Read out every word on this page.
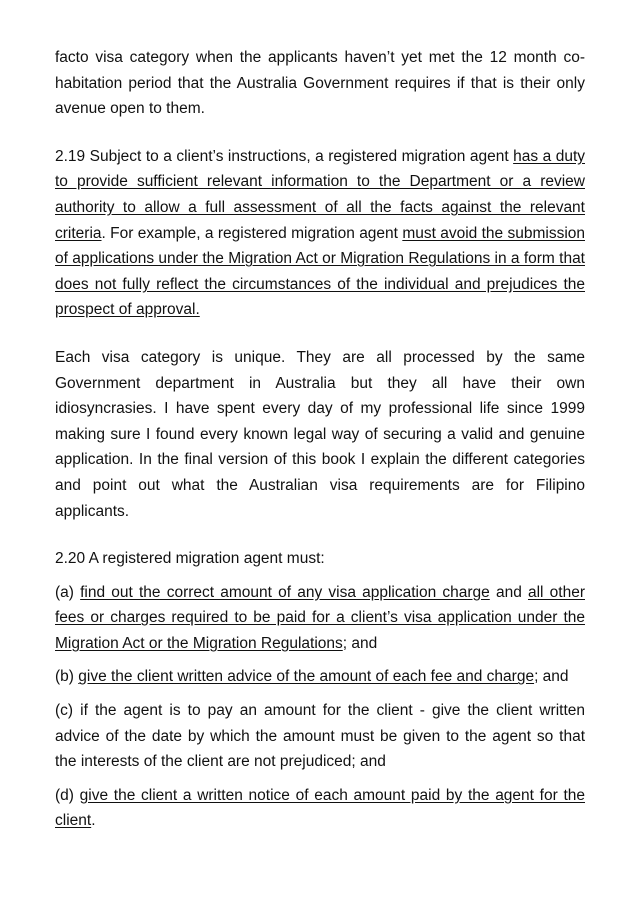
facto visa category when the applicants haven’t yet met the 12 month co-habitation period that the Australia Government requires if that is their only avenue open to them.

2.19 Subject to a client’s instructions, a registered migration agent has a duty to provide sufficient relevant information to the Department or a review authority to allow a full assessment of all the facts against the relevant criteria. For example, a registered migration agent must avoid the submission of applications under the Migration Act or Migration Regulations in a form that does not fully reflect the circumstances of the individual and prejudices the prospect of approval.

Each visa category is unique. They are all processed by the same Government department in Australia but they all have their own idiosyncrasies. I have spent every day of my professional life since 1999 making sure I found every known legal way of securing a valid and genuine application. In the final version of this book I explain the different categories and point out what the Australian visa requirements are for Filipino applicants.

2.20 A registered migration agent must:

(a) find out the correct amount of any visa application charge and all other fees or charges required to be paid for a client’s visa application under the Migration Act or the Migration Regulations; and

(b) give the client written advice of the amount of each fee and charge; and

(c) if the agent is to pay an amount for the client - give the client written advice of the date by which the amount must be given to the agent so that the interests of the client are not prejudiced; and

(d) give the client a written notice of each amount paid by the agent for the client.
